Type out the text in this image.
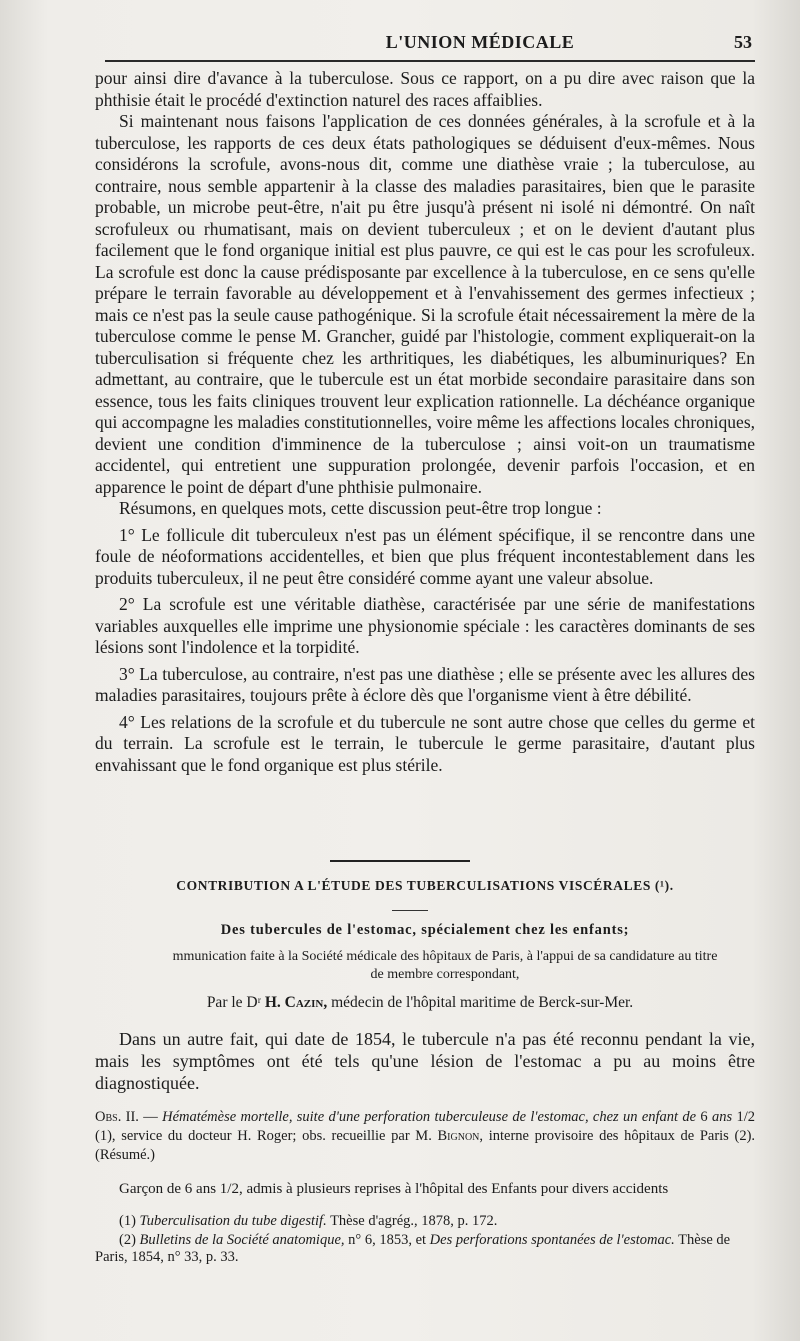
L'UNION MÉDICALE	53

pour ainsi dire d'avance à la tuberculose. Sous ce rapport, on a pu dire avec raison que la phthisie était le procédé d'extinction naturel des races affaiblies.

Si maintenant nous faisons l'application de ces données générales, à la scrofule et à la tuberculose, les rapports de ces deux états pathologiques se déduisent d'eux-mêmes. Nous considérons la scrofule, avons-nous dit, comme une diathèse vraie ; la tuberculose, au contraire, nous semble appartenir à la classe des maladies parasitaires, bien que le parasite probable, un microbe peut-être, n'ait pu être jusqu'à présent ni isolé ni démontré. On naît scrofuleux ou rhumatisant, mais on devient tuberculeux ; et on le devient d'autant plus facilement que le fond organique initial est plus pauvre, ce qui est le cas pour les scrofuleux. La scrofule est donc la cause prédisposante par excellence à la tuberculose, en ce sens qu'elle prépare le terrain favorable au développement et à l'envahissement des germes infectieux ; mais ce n'est pas la seule cause pathogénique. Si la scrofule était nécessairement la mère de la tuberculose comme le pense M. Grancher, guidé par l'histologie, comment expliquerait-on la tuberculisation si fréquente chez les arthritiques, les diabétiques, les albuminuriques? En admettant, au contraire, que le tubercule est un état morbide secondaire parasitaire dans son essence, tous les faits cliniques trouvent leur explication rationnelle. La déchéance organique qui accompagne les maladies constitutionnelles, voire même les affections locales chroniques, devient une condition d'imminence de la tuberculose ; ainsi voit-on un traumatisme accidentel, qui entretient une suppuration prolongée, devenir parfois l'occasion, et en apparence le point de départ d'une phthisie pulmonaire.

Résumons, en quelques mots, cette discussion peut-être trop longue :

1° Le follicule dit tuberculeux n'est pas un élément spécifique, il se rencontre dans une foule de néoformations accidentelles, et bien que plus fréquent incontestablement dans les produits tuberculeux, il ne peut être considéré comme ayant une valeur absolue.

2° La scrofule est une véritable diathèse, caractérisée par une série de manifestations variables auxquelles elle imprime une physionomie spéciale : les caractères dominants de ses lésions sont l'indolence et la torpidité.

3° La tuberculose, au contraire, n'est pas une diathèse ; elle se présente avec les allures des maladies parasitaires, toujours prête à éclore dès que l'organisme vient à être débilité.

4° Les relations de la scrofule et du tubercule ne sont autre chose que celles du germe et du terrain. La scrofule est le terrain, le tubercule le germe parasitaire, d'autant plus envahissant que le fond organique est plus stérile.

CONTRIBUTION A L'ÉTUDE DES TUBERCULISATIONS VISCÉRALES (¹).
Des tubercules de l'estomac, spécialement chez les enfants;
mmunication faite à la Société médicale des hôpitaux de Paris, à l'appui de sa candidature au titre
de membre correspondant,
Par le Dʳ H. Cazin, médecin de l'hôpital maritime de Berck-sur-Mer.

Dans un autre fait, qui date de 1854, le tubercule n'a pas été reconnu pendant la vie, mais les symptômes ont été tels qu'une lésion de l'estomac a pu au moins être diagnostiquée.

Obs. II. — Hématémèse mortelle, suite d'une perforation tuberculeuse de l'estomac, chez un enfant de 6 ans 1/2 (1), service du docteur H. Roger; obs. recueillie par M. Bignon, interne provisoire des hôpitaux de Paris (2). (Résumé.)

Garçon de 6 ans 1/2, admis à plusieurs reprises à l'hôpital des Enfants pour divers accidents

(1) Tuberculisation du tube digestif. Thèse d'agrég., 1878, p. 172.

(2) Bulletins de la Société anatomique, n° 6, 1853, et Des perforations spontanées de l'estomac. Thèse de Paris, 1854, n° 33, p. 33.
